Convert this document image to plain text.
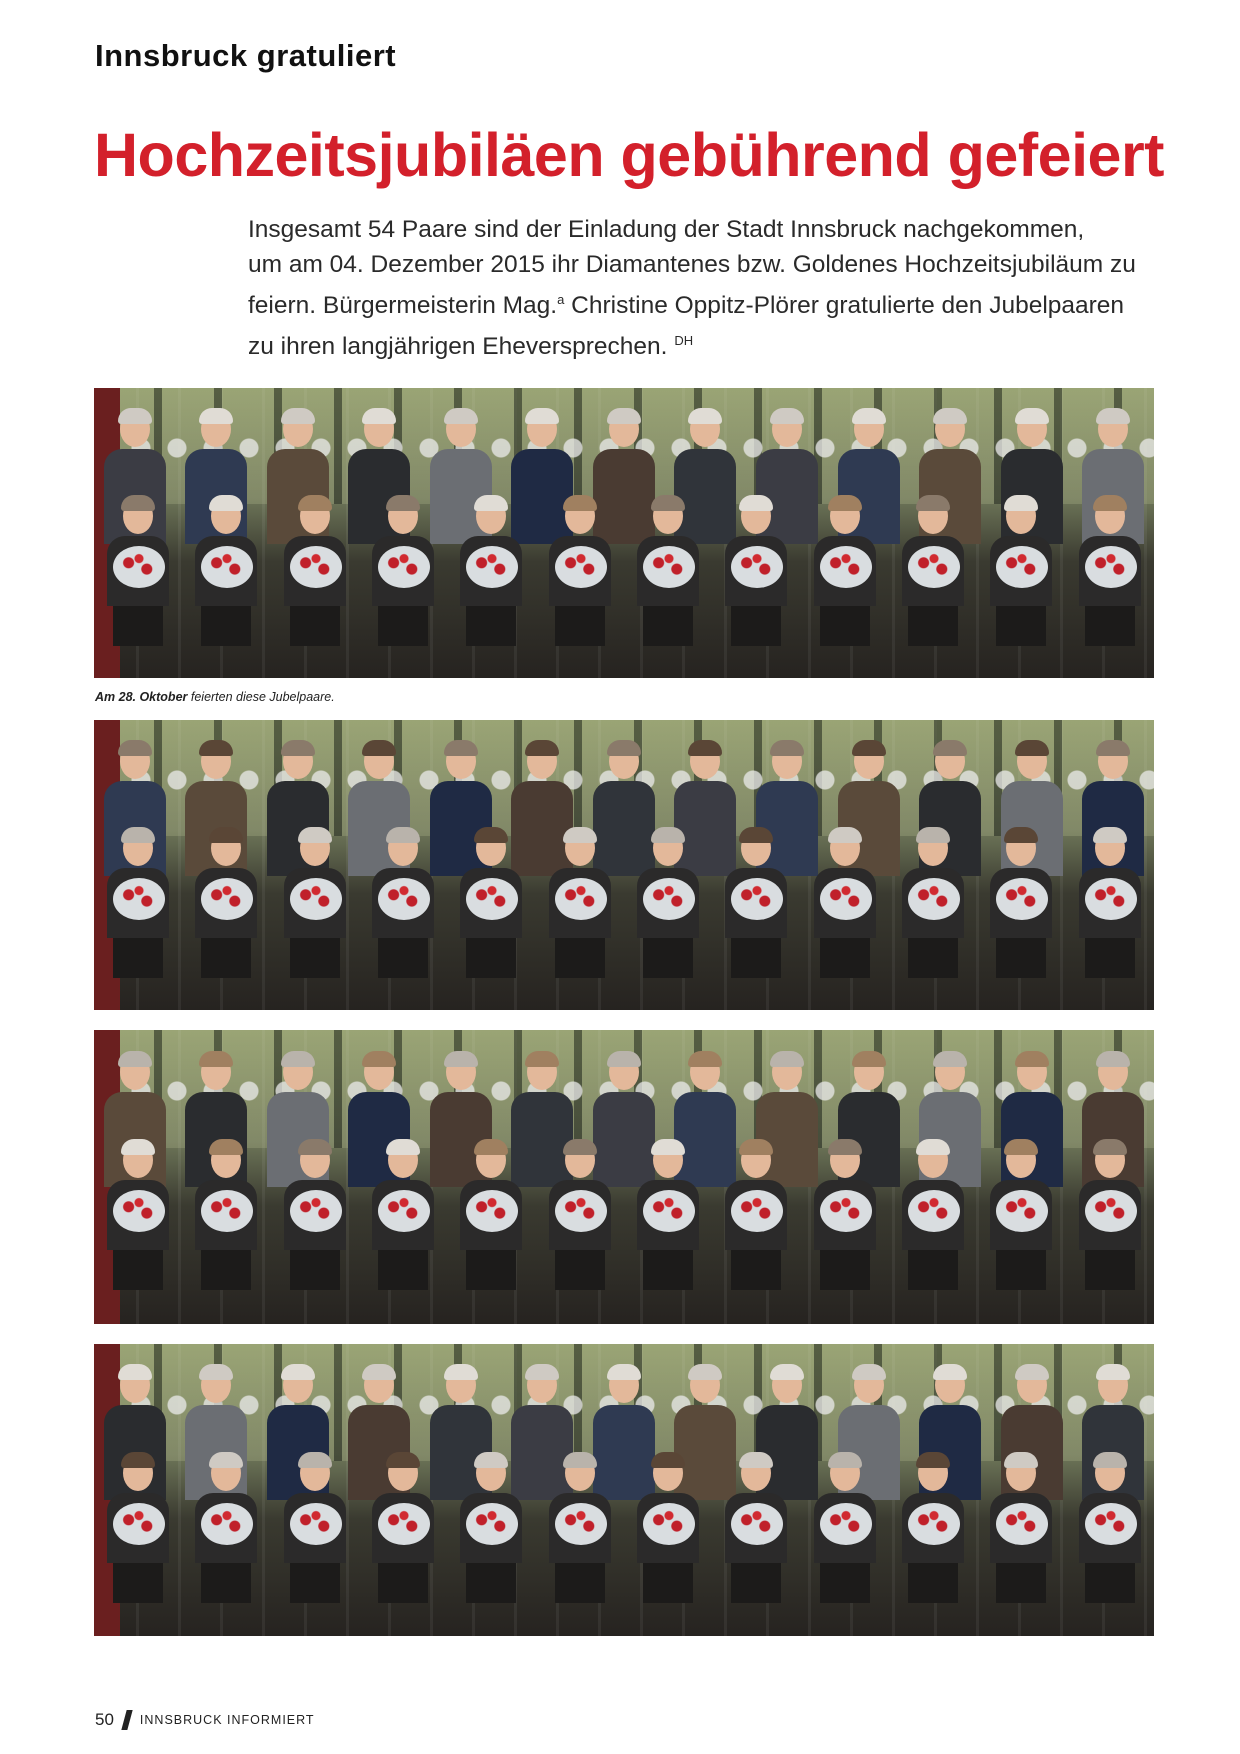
Innsbruck gratuliert
Hochzeitsjubiläen gebührend gefeiert
Insgesamt 54 Paare sind der Einladung der Stadt Innsbruck nachgekommen,
um am 04. Dezember 2015 ihr Diamantenes bzw. Goldenes Hochzeitsjubiläum zu
feiern. Bürgermeisterin Mag.$^a$ Christine Oppitz-Plörer gratulierte den Jubelpaaren
zu ihren langjährigen Eheversprechen. $^{DH}$
Am 28. Oktober feierten diese Jubelpaare.
50 INNSBRUCK INFORMIERT
